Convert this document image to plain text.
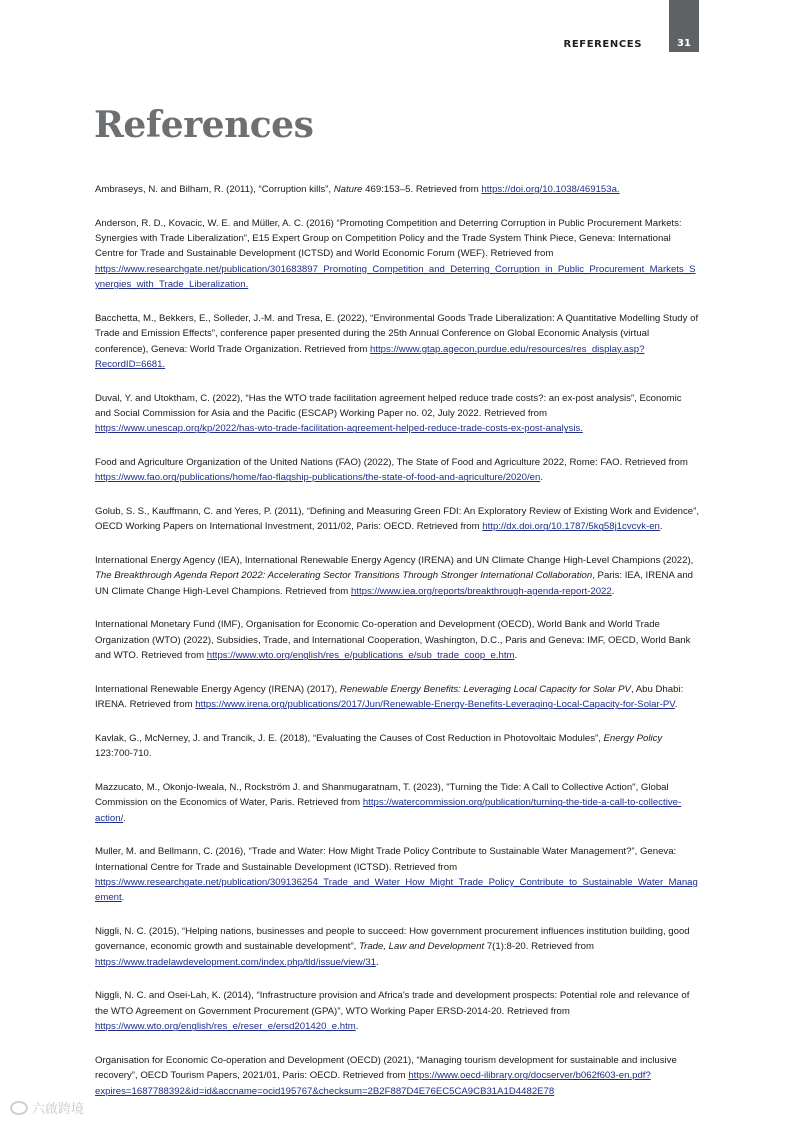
31
REFERENCES
References

Ambraseys, N. and Bilham, R. (2011), “Corruption kills”, Nature 469:153–5. Retrieved from https://doi.org/10.1038/469153a.

Anderson, R. D., Kovacic, W. E. and Müller, A. C. (2016) “Promoting Competition and Deterring Corruption in Public Procurement Markets: Synergies with Trade Liberalization”, E15 Expert Group on Competition Policy and the Trade System Think Piece, Geneva: International Centre for Trade and Sustainable Development (ICTSD) and World Economic Forum (WEF). Retrieved from https://www.researchgate.net/publication/301683897_Promoting_Competition_and_Deterring_Corruption_in_Public_Procurement_Markets_Synergies_with_Trade_Liberalization.

Bacchetta, M., Bekkers, E., Solleder, J.-M. and Tresa, E. (2022), “Environmental Goods Trade Liberalization: A Quantitative Modelling Study of Trade and Emission Effects”, conference paper presented during the 25th Annual Conference on Global Economic Analysis (virtual conference), Geneva: World Trade Organization. Retrieved from https://www.gtap.agecon.purdue.edu/resources/res_display.asp?RecordID=6681.

Duval, Y. and Utoktham, C. (2022), “Has the WTO trade facilitation agreement helped reduce trade costs?: an ex-post analysis”, Economic and Social Commission for Asia and the Pacific (ESCAP) Working Paper no. 02, July 2022. Retrieved from https://www.unescap.org/kp/2022/has-wto-trade-facilitation-agreement-helped-reduce-trade-costs-ex-post-analysis.

Food and Agriculture Organization of the United Nations (FAO) (2022), The State of Food and Agriculture 2022, Rome: FAO. Retrieved from https://www.fao.org/publications/home/fao-flagship-publications/the-state-of-food-and-agriculture/2020/en.

Golub, S. S., Kauffmann, C. and Yeres, P. (2011), “Defining and Measuring Green FDI: An Exploratory Review of Existing Work and Evidence”, OECD Working Papers on International Investment, 2011/02, Paris: OECD. Retrieved from http://dx.doi.org/10.1787/5kg58j1cvcvk-en.

International Energy Agency (IEA), International Renewable Energy Agency (IRENA) and UN Climate Change High-Level Champions (2022), The Breakthrough Agenda Report 2022: Accelerating Sector Transitions Through Stronger International Collaboration, Paris: IEA, IRENA and UN Climate Change High-Level Champions. Retrieved from https://www.iea.org/reports/breakthrough-agenda-report-2022.

International Monetary Fund (IMF), Organisation for Economic Co-operation and Development (OECD), World Bank and World Trade Organization (WTO) (2022), Subsidies, Trade, and International Cooperation, Washington, D.C., Paris and Geneva: IMF, OECD, World Bank and WTO. Retrieved from https://www.wto.org/english/res_e/publications_e/sub_trade_coop_e.htm.

International Renewable Energy Agency (IRENA) (2017), Renewable Energy Benefits: Leveraging Local Capacity for Solar PV, Abu Dhabi: IRENA. Retrieved from https://www.irena.org/publications/2017/Jun/Renewable-Energy-Benefits-Leveraging-Local-Capacity-for-Solar-PV.

Kavlak, G., McNerney, J. and Trancik, J. E. (2018), “Evaluating the Causes of Cost Reduction in Photovoltaic Modules”, Energy Policy 123:700-710.

Mazzucato, M., Okonjo-Iweala, N., Rockström J. and Shanmugaratnam, T. (2023), "Turning the Tide: A Call to Collective Action", Global Commission on the Economics of Water, Paris. Retrieved from https://watercommission.org/publication/turning-the-tide-a-call-to-collective-action/.

Muller, M. and Bellmann, C. (2016), “Trade and Water: How Might Trade Policy Contribute to Sustainable Water Management?”, Geneva: International Centre for Trade and Sustainable Development (ICTSD). Retrieved from https://www.researchgate.net/publication/309136254_Trade_and_Water_How_Might_Trade_Policy_Contribute_to_Sustainable_Water_Management.

Niggli, N. C. (2015), “Helping nations, businesses and people to succeed: How government procurement influences institution building, good governance, economic growth and sustainable development”, Trade, Law and Development 7(1):8-20. Retrieved from https://www.tradelawdevelopment.com/index.php/tld/issue/view/31.

Niggli, N. C. and Osei-Lah, K. (2014), “Infrastructure provision and Africa’s trade and development prospects: Potential role and relevance of the WTO Agreement on Government Procurement (GPA)”, WTO Working Paper ERSD-2014-20. Retrieved from https://www.wto.org/english/res_e/reser_e/ersd201420_e.htm.

Organisation for Economic Co-operation and Development (OECD) (2021), “Managing tourism development for sustainable and inclusive recovery”, OECD Tourism Papers, 2021/01, Paris: OECD. Retrieved from https://www.oecd-ilibrary.org/docserver/b062f603-en.pdf?expires=1687788392&id=id&accname=ocid195767&checksum=2B2F887D4E76EC5CA9CB31A1D4482E78

六啟跨境
